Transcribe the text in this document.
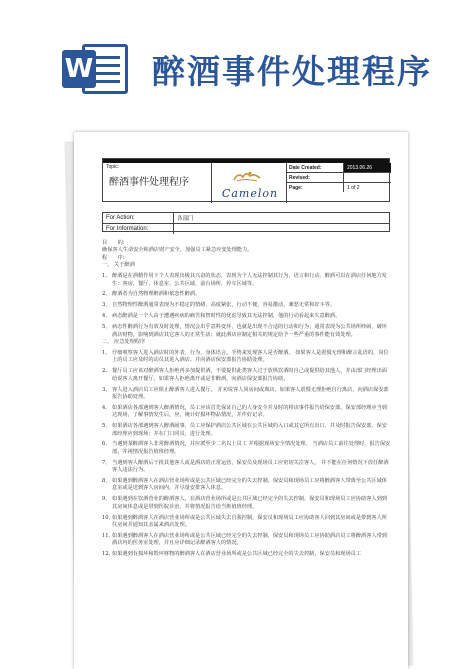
W 醉酒事件处理程序
Topic:
醉酒事件处理程序
Camelon
Date Created:	2013.06.26
Revised:
Page:	1 of 2
For Action:	各部门
For Information:

目　　的:

确保客人生命安全和酒店财产安全，加强员工紧急应变处理能力。

程　　序:

一、 关于醉酒

1、 醉酒是在酒精作用下个人表现出极其兴奋的状态，表现为个人无法控制其行为，语言和行动。醉酒可以在酒店任何地方发生：客房、餐厅、休息室、公共区域、前台场所，停车区域等。
2、 醉酒者为自然物理醉酒和依恋性醉酒。
3、 自然物理性醉酒通常表现为不稳定的情绪，高度紧张，行动不便，容易激动，兼怒无常和好斗等。
4、 病态醉酒是一个人由于遭遇疾病的痛苦和智时性的忧虑导致其无法控制，他的行动看起来失意醉酒。
5、 病态性醉酒行为有效及时处理，情况会出乎意料变坏，也就是出现不合适的行动和行为；通常表现为公共场所吵闹，破坏酒店财物，影响到酒店其它客人的正常生活；就此酒店应制定相关的规定给予一些严重的事件能有效处理。

二、 应急处理程序

1、 仔细观察客人进入酒店时的外表，行为，身体语言。手势来发现客人是否醉酒。 如果客人是震慑无理和醉言乱语的，岗位上的员工应及时的动员其进入酒店。并向酒店保安部报告协助处理。
2、 餐厅员工应该对醉酒客人拒绝再多加提供酒，不要提供此类客人过于放纵饮酒时自己或提供给其他人，并由部门经理出面给说客人离开餐厅。如果客人拒绝离开或是非醉酒，向酒店保安部报告协助。
3、 客人进入酒店员工应阻止醉酒客人进入餐厅。 并劝说客人回房间或离店。如果客人震慑无理拒绝自行离店，向酒店保安部报告协助处理。
4、 如果酒店各部遇到客人醉酒情况，员工应该首先保证自己的人身安全并及时的将该事件报告给保安部，保安部经理应当到达现场，了解事情发生后，应，统计好损坏物品情况，并作好记录。
5、 如果酒店各部遇到客人醉酒闹事，员工应保护酒店公共区域在公共区域的入口或其它所有出口，并及时报告保安部，保安部经理应到现场；并在门口同员，进行处理。
6、 当遇到某醉酒客人非常醉酒情况，并应派至少二名以上员工 并根据现场安全情况处理。 当酒店员工前往处理时，报告保安部，并视情况报告值班经理。
7、 当遇到客人醉酒后干扰其他客人或是酒店的正常运营，保安员及现场员工应密切关注客人， 并不能在任何情况下放任醉酒客人违法行为。
8、 如果遇到醉酒客人在酒店营业场所或是公共区域已经完全的失去控制，保安员和现场员工应将醉酒客人带离至公共区域休息室或是送到客人房间内，并尽量安排客人休息。
9、 如果遇到在饮酒营业的醉酒客人，在酒店营业场所或是公共区域已经完全的失去控制，保安员和现场员工应协助客人到到其房间休息或是带到医院诊治，并将情况报告给当班值班经理。
10、
如果遇到醉酒客人在酒店营业场所或是公共区域失去自我控制，保安员和现场员工应协助客人回到其房间或是带到客人所住房间并通知其亲属来酒店处理。
11、
如果遇到醉酒客人在酒店营业场所或是公共区域已经完全的失去控制，保安员和现场员工应协助酒店员工将醉酒客人带到酒店内的医务室处理，并且应详细记录醉酒客人的情况。
12、
如果遇到有损坏和毁坏财物的醉酒客人在酒店营业场所或是公共区域已经完全的失去控制，保安员和现场员工
